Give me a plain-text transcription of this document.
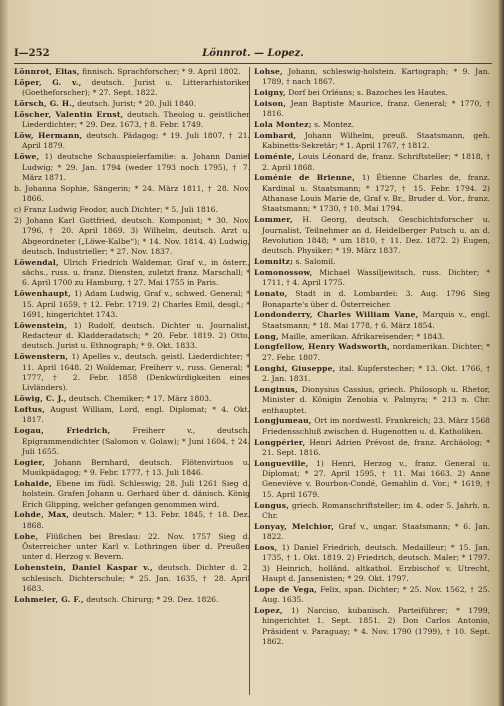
I—252	Lönnrot. — Lopez.

Lönnrot, Elias, finnisch. Sprachforscher; * 9. April 1802.

Löper, G. v., deutsch. Jurist u. Litterarhistoriker (Goetheforscher); * 27. Sept. 1822.

Lörsch, G. H., deutsch. Jurist; * 20. Juli 1840.

Löscher, Valentin Ernst, deutsch. Theolog u. geistlicher Liederdichter; * 29. Dez. 1673, † 8. Febr. 1749.

Löw, Hermann, deutsch. Pädagog; * 19. Juli 1807, † 21. April 1879.

Löwe, 1) deutsche Schauspielerfamilie: a. Johann Daniel Ludwig; * 29. Jan. 1794 (weder 1793 noch 1795), † 7. März 1871.

b. Johanna Sophie, Sängerin; * 24. März 1811, † 28. Nov. 1866.

c) Franz Ludwig Feodor, auch Dichter; * 5. Juli 1816.

2) Johann Karl Gottfried, deutsch. Komponist; * 30. Nov. 1796, † 20. April 1869. 3) Wilhelm, deutsch. Arzt u. Abgeordneter („Löwe-Kalbe“); * 14. Nov. 1814. 4) Ludwig, deutsch. Industrieller; * 27. Nov. 1837.

Löwendal, Ulrich Friedrich Waldemar, Graf v., in österr., sächs., russ. u. franz. Diensten, zuletzt franz. Marschall; * 6. April 1700 zu Hamburg, † 27. Mai 1755 in Paris.

Löwenhaupt, 1) Adam Ludwig, Graf v., schwed. General; * 15. April 1659, † 12. Febr. 1719. 2) Charles Emil, desgl.; * 1691, hingerichtet 1743.

Löwenstein, 1) Rudolf, deutsch. Dichter u. Journalist, Redacteur d. Kladderadatsch; * 20. Febr. 1819. 2) Otto, deutsch. Jurist u. Ethnograph; * 9. Okt. 1833.

Löwenstern, 1) Apelles v., deutsch. geistl. Liederdichter; * 11. April 1648. 2) Woldemar, Freiherr v., russ. General; * 1777, † 2. Febr. 1858 (Denkwürdigkeiten eines Livländers).

Löwig, C. J., deutsch. Chemiker; * 17. März 1803.

Loftus, August William, Lord, engl. Diplomat; * 4. Okt. 1817.

Logau, Friedrich, Freiherr v., deutsch. Epigrammendichter (Salomon v. Golaw); * Juni 1604, † 24. Juli 1655.

Logier, Johann Bernhard, deutsch. Flötenvirtuos u. Musikpädagog; * 9. Febr. 1777, † 13. Juli 1846.

Lohaide, Ebene im füdl. Schleswig; 28. Juli 1261 Sieg d. holstein. Grafen Johann u. Gerhard über d. dänisch. König Erich Glipping, welcher gefangen genommen wird.

Lohde, Max, deutsch. Maler; * 13. Febr. 1845, † 18. Dez. 1868.

Lohe, Flüßchen bei Breslau: 22. Nov. 1757 Sieg d. Österreicher unter Karl v. Lothringen über d. Preußen unter d. Herzog v. Bevern.

Lohenstein, Daniel Kaspar v., deutsch. Dichter d. 2. schlesisch. Dichterschule; * 25. Jan. 1635, † 28. April 1683.

Lohmeier, G. F., deutsch. Chirurg; * 29. Dez. 1826.

Lohse, Johann, schleswig-holstein. Kartograph; * 9. Jan. 1789, † nach 1867.

Loigny, Dorf bei Orléans; s. Bazoches les Hautes.

Loison, Jean Baptiste Maurice, franz. General; * 1770, † 1816.

Lola Montez; s. Montez.

Lombard, Johann Wilhelm, preuß. Staatsmann, geh. Kabinetts-Sekretär; * 1. April 1767, † 1812.

Loménie, Louis Léonard de, franz. Schriftsteller; * 1818, † 2. April 1868.

Loménie de Brienne, 1) Étienne Charles de, franz. Kardinal u. Staatsmann; * 1727, † 15. Febr. 1794. 2) Athanase Louis Marie de, Graf v. Br., Bruder d. Vor., franz. Staatsmann; * 1730, † 10. Mai 1794.

Lommer, H. Georg, deutsch. Geschichtsforscher u. Journalist, Teilnehmer an d. Heidelberger Putsch u. an d. Revolution 1848; * um 1810, † 11. Dez. 1872. 2) Eugen, deutsch. Physiker; * 19. März 1837.

Lomnitz; s. Salomil.

Lomonossow, Michael Wassiljewitsch, russ. Dichter; * 1711, † 4. April 1775.

Lonato, Stadt in d. Lombardei: 3. Aug. 1796 Sieg Bonaparte's über d. Österreicher.

Londonderry, Charles William Vane, Marquis v., engl. Staatsmann; * 18. Mai 1778, † 6. März 1854.

Long, Maille, amerikan. Afrikareisender; * 1843.

Longfellow, Henry Wadsworth, nordamerikan. Dichter; * 27. Febr. 1807.

Longhi, Giuseppe, ital. Kupferstecher; * 13. Okt. 1766, † 2. Jan. 1831.

Longinus, Dionysius Cassius, griech. Philosoph u. Rhetor, Minister d. Königin Zenobia v. Palmyra; * 213 n. Chr. enthauptet.

Longjumeau, Ort im nordwestl. Frankreich; 23. März 1568 Friedensschluß zwischen d. Hugenotten u. d. Katholiken.

Longpérier, Henri Adrien Prévost de, franz. Archäolog; * 21. Sept. 1816.

Longueville, 1) Henri, Herzog v., franz. General u. Diplomat; * 27. April 1595, † 11. Mai 1663. 2) Anne Geneviève v. Bourbon-Condé, Gemahlin d. Vor.; * 1619, † 15. April 1679.

Longus, griech. Romanschriftsteller; im 4. oder 5. Jahrh. n. Chr.

Lonyay, Melchior, Graf v., ungar. Staatsmann; * 6. Jan. 1822.

Loos, 1) Daniel Friedrich, deutsch. Medailleur; * 15. Jan. 1735, † 1. Okt. 1819. 2) Friedrich, deutsch. Maler; * 1797. 3) Heinrich, holländ. altkathol. Erzbischof v. Utrecht, Haupt d. Jansenisten; * 29. Okt. 1797.

Lope de Vega, Felix, span. Dichter; * 25. Nov. 1562, † 25. Aug. 1635.

Lopez, 1) Narciso, kubanisch. Parteiführer; * 1799, hingerichtet 1. Sept. 1851. 2) Don Carlos Antonio, Präsident v. Paraguay; * 4. Nov. 1790 (1799), † 10. Sept. 1862.
